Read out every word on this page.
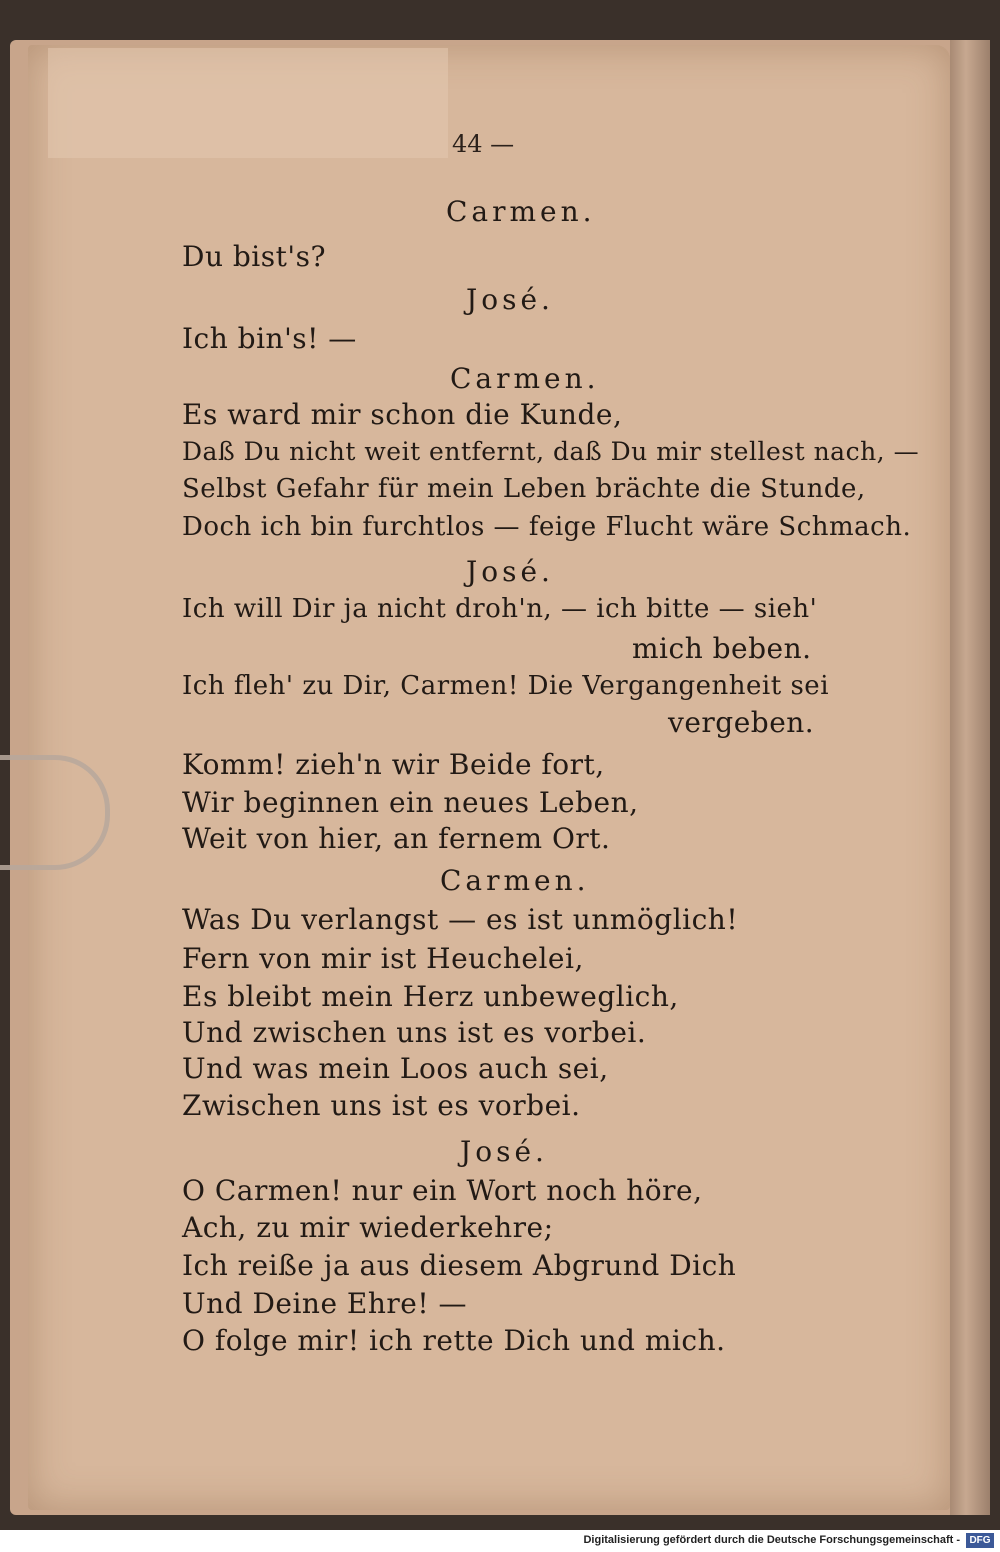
44 —
Carmen.
Du bist's?
José.
Ich bin's! —
Carmen.
Es ward mir schon die Kunde,
Daß Du nicht weit entfernt, daß Du mir stellest nach, —
Selbst Gefahr für mein Leben brächte die Stunde,
Doch ich bin furchtlos — feige Flucht wäre Schmach.
José.
Ich will Dir ja nicht droh'n, — ich bitte — sieh'
mich beben.
Ich fleh' zu Dir, Carmen! Die Vergangenheit sei
vergeben.
Komm! zieh'n wir Beide fort,
Wir beginnen ein neues Leben,
Weit von hier, an fernem Ort.
Carmen.
Was Du verlangst — es ist unmöglich!
Fern von mir ist Heuchelei,
Es bleibt mein Herz unbeweglich,
Und zwischen uns ist es vorbei.
Und was mein Loos auch sei,
Zwischen uns ist es vorbei.
José.
O Carmen! nur ein Wort noch höre,
Ach, zu mir wiederkehre;
Ich reiße ja aus diesem Abgrund Dich
Und Deine Ehre! —
O folge mir! ich rette Dich und mich.
Digitalisierung gefördert durch die Deutsche Forschungsgemeinschaft - DFG
